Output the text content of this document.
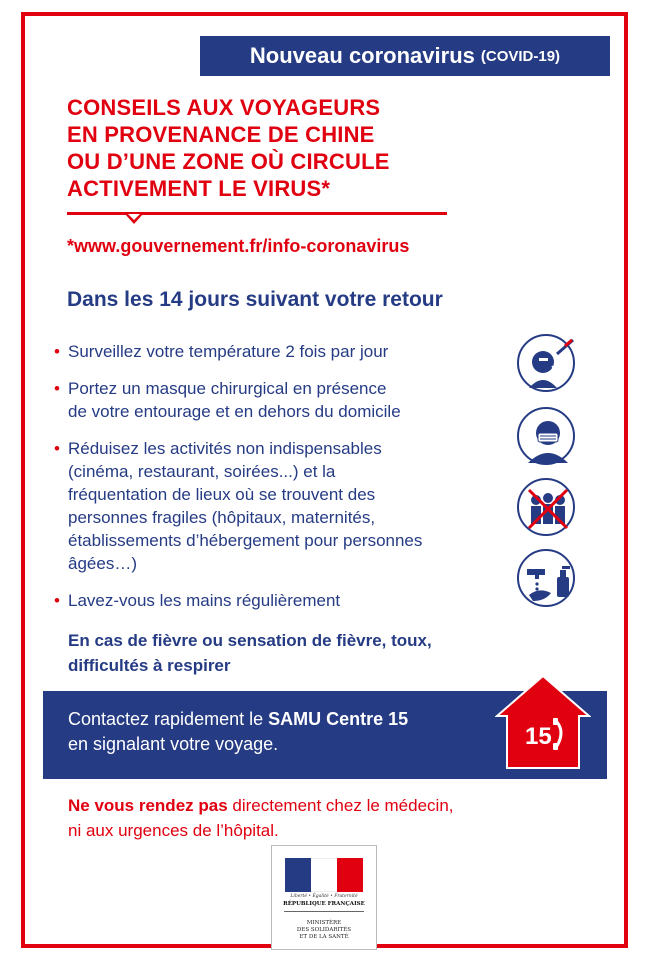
Nouveau coronavirus (COVID-19)
CONSEILS AUX VOYAGEURS
EN PROVENANCE DE CHINE
OU D’UNE ZONE OÙ CIRCULE
ACTIVEMENT LE VIRUS*
*www.gouvernement.fr/info-coronavirus
Dans les 14 jours suivant votre retour
• Surveillez votre température 2 fois par jour
• Portez un masque chirurgical en présence
de votre entourage et en dehors du domicile
• Réduisez les activités non indispensables
(cinéma, restaurant, soirées...) et la
fréquentation de lieux où se trouvent des
personnes fragiles (hôpitaux, maternités,
établissements d’hébergement pour personnes
âgées…)
• Lavez-vous les mains régulièrement
En cas de fièvre ou sensation de fièvre, toux,
difficultés à respirer
Contactez rapidement le SAMU Centre 15
en signalant votre voyage.	15
Ne vous rendez pas directement chez le médecin,
ni aux urgences de l’hôpital.
Liberté • Égalité • Fraternité
RÉPUBLIQUE FRANÇAISE
MINISTÈRE
DES SOLIDARITÉS
ET DE LA SANTÉ
